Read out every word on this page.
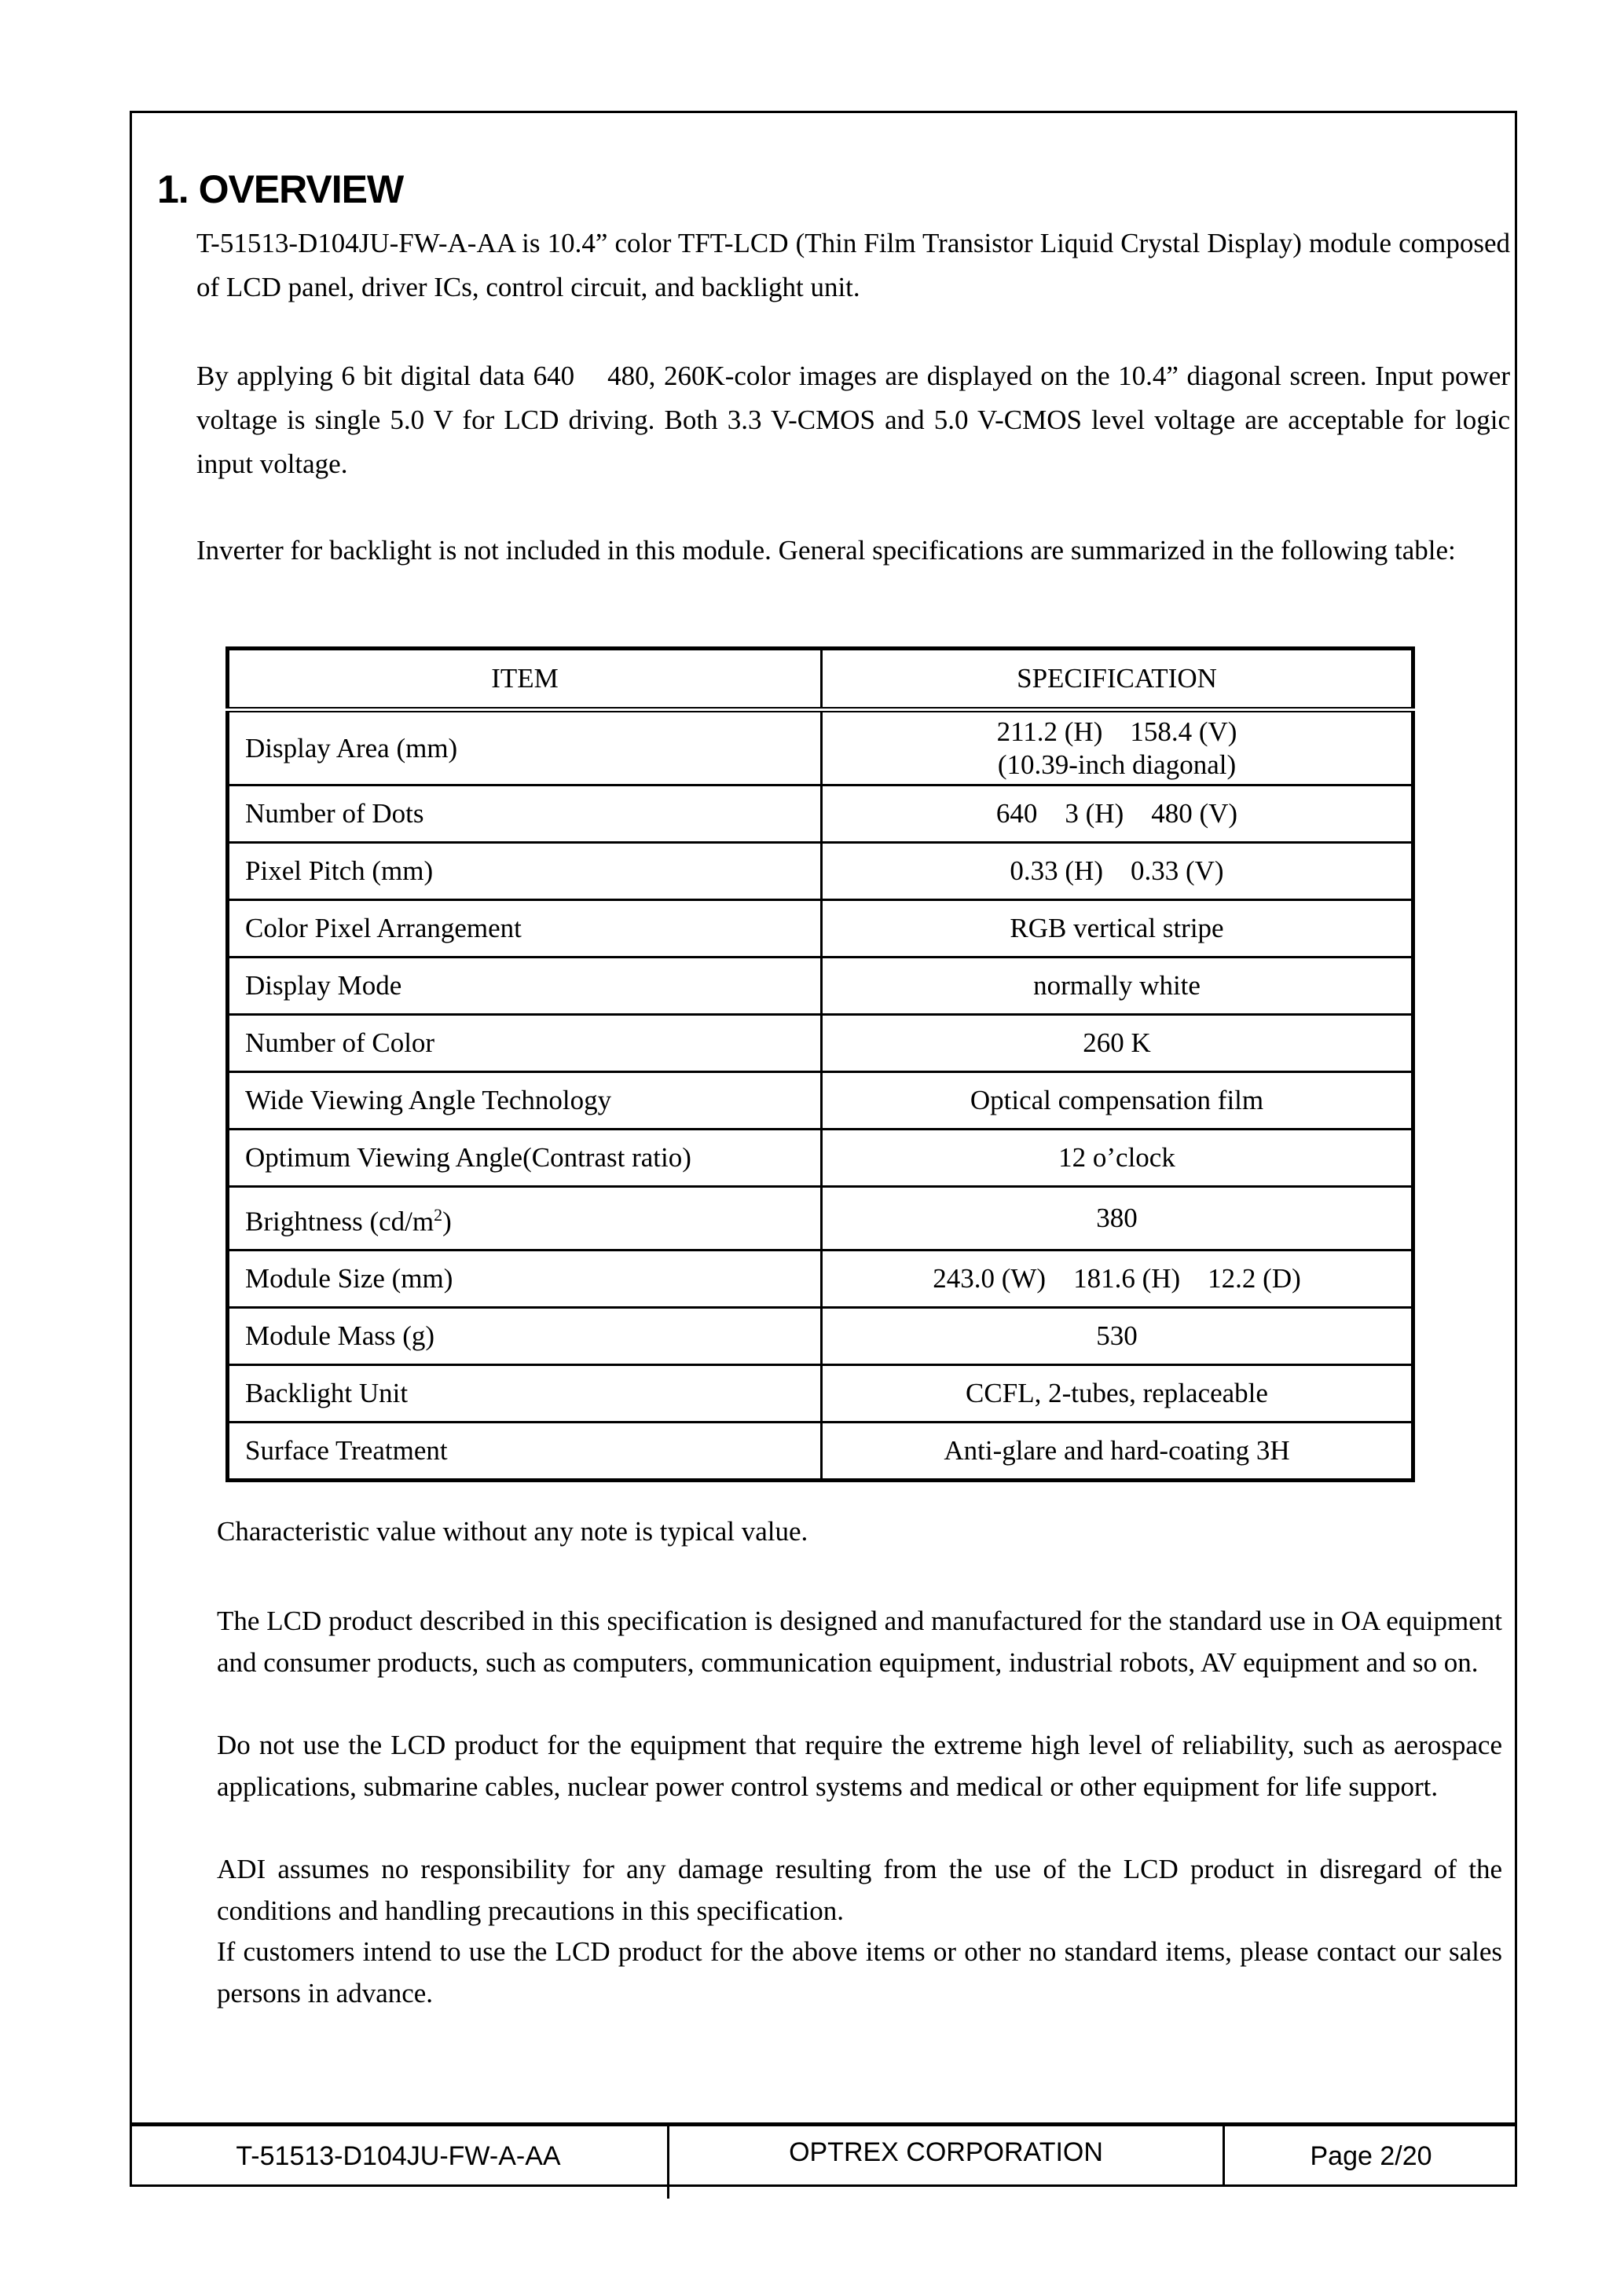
1. OVERVIEW

T-51513-D104JU-FW-A-AA is 10.4” color TFT-LCD (Thin Film Transistor Liquid Crystal Display) module composed of LCD panel, driver ICs, control circuit, and backlight unit.

By applying 6 bit digital data 640    480, 260K-color images are displayed on the 10.4” diagonal screen. Input power voltage is single 5.0 V for LCD driving. Both 3.3 V-CMOS and 5.0 V-CMOS level voltage are acceptable for logic input voltage.

Inverter for backlight is not included in this module. General specifications are summarized in the following table:

ITEM	SPECIFICATION
Display Area (mm)	211.2 (H)    158.4 (V)
(10.39-inch diagonal)
Number of Dots	640    3 (H)    480 (V)
Pixel Pitch (mm)	0.33 (H)    0.33 (V)
Color Pixel Arrangement	RGB vertical stripe
Display Mode	normally white
Number of Color	260 K
Wide Viewing Angle Technology	Optical compensation film
Optimum Viewing Angle(Contrast ratio)	12 o’clock
Brightness $(cd/m^2)$	380
Module Size (mm)	243.0 (W)    181.6 (H)    12.2 (D)
Module Mass (g)	530
Backlight Unit	CCFL, 2-tubes, replaceable
Surface Treatment	Anti-glare and hard-coating 3H

Characteristic value without any note is typical value.

The LCD product described in this specification is designed and manufactured for the standard use in OA equipment and consumer products, such as computers, communication equipment, industrial robots, AV equipment and so on.

Do not use the LCD product for the equipment that require the extreme high level of reliability, such as aerospace applications, submarine cables, nuclear power control systems and medical or other equipment for life support.

ADI assumes no responsibility for any damage resulting from the use of the LCD product in disregard of the conditions and handling precautions in this specification.

If customers intend to use the LCD product for the above items or other no standard items, please contact our sales persons in advance.

T-51513-D104JU-FW-A-AA	OPTREX CORPORATION	Page 2/20
